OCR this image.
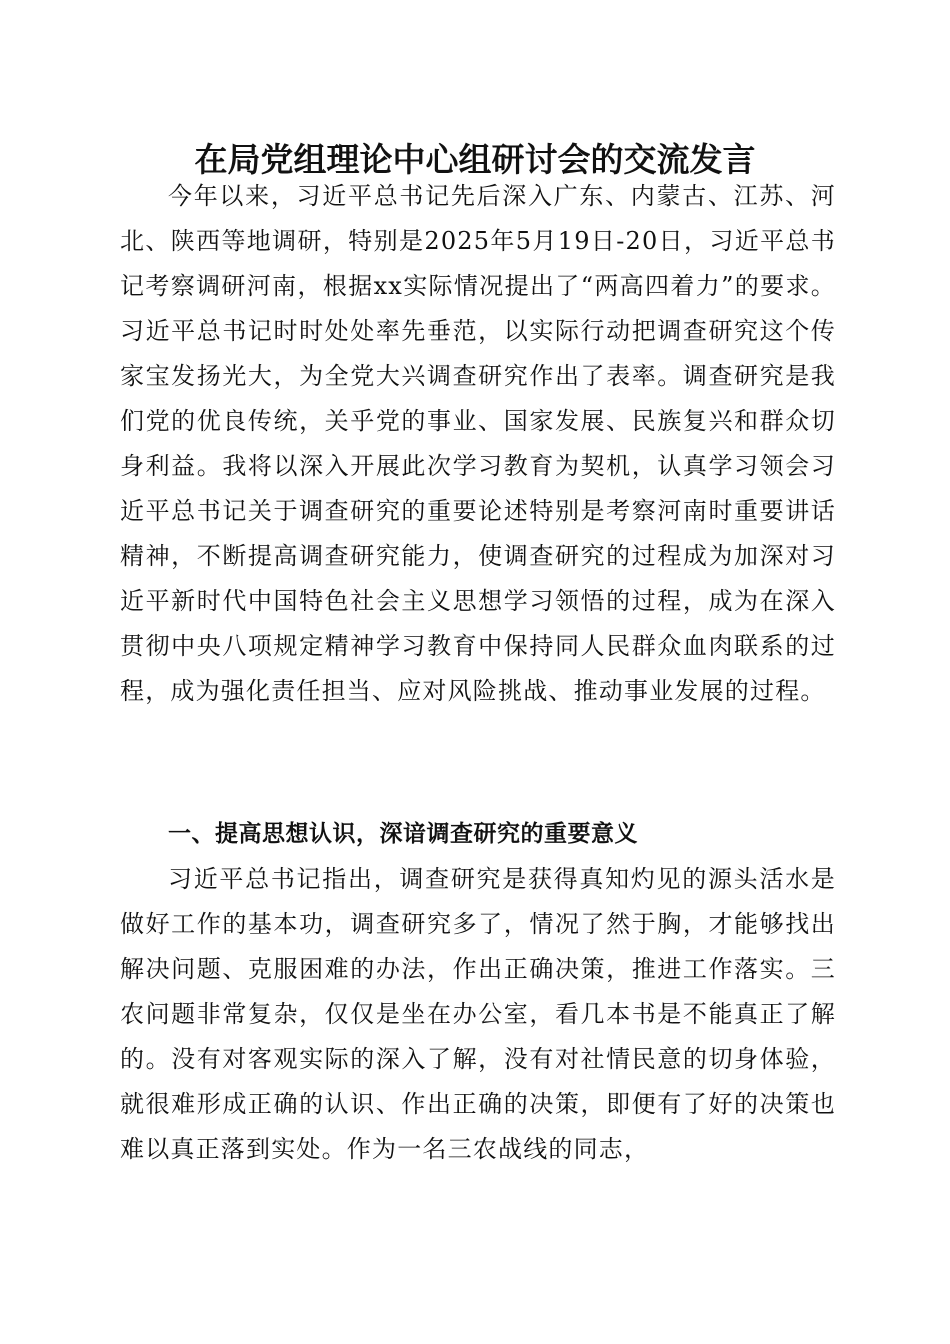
在局党组理论中心组研讨会的交流发言

今年以来，习近平总书记先后深入广东、内蒙古、江苏、河北、陕西等地调研，特别是2025年5月19日-20日，习近平总书记考察调研河南，根据xx实际情况提出了“两高四着力”的要求。习近平总书记时时处处率先垂范，以实际行动把调查研究这个传家宝发扬光大，为全党大兴调查研究作出了表率。调查研究是我们党的优良传统，关乎党的事业、国家发展、民族复兴和群众切身利益。我将以深入开展此次学习教育为契机，认真学习领会习近平总书记关于调查研究的重要论述特别是考察河南时重要讲话精神，不断提高调查研究能力，使调查研究的过程成为加深对习近平新时代中国特色社会主义思想学习领悟的过程，成为在深入贯彻中央八项规定精神学习教育中保持同人民群众血肉联系的过程，成为强化责任担当、应对风险挑战、推动事业发展的过程。

一、提高思想认识，深谙调查研究的重要意义

习近平总书记指出，调查研究是获得真知灼见的源头活水是做好工作的基本功，调查研究多了，情况了然于胸，才能够找出解决问题、克服困难的办法，作出正确决策，推进工作落实。三农问题非常复杂，仅仅是坐在办公室，看几本书是不能真正了解的。没有对客观实际的深入了解，没有对社情民意的切身体验，就很难形成正确的认识、作出正确的决策，即便有了好的决策也难以真正落到实处。作为一名三农战线的同志，
